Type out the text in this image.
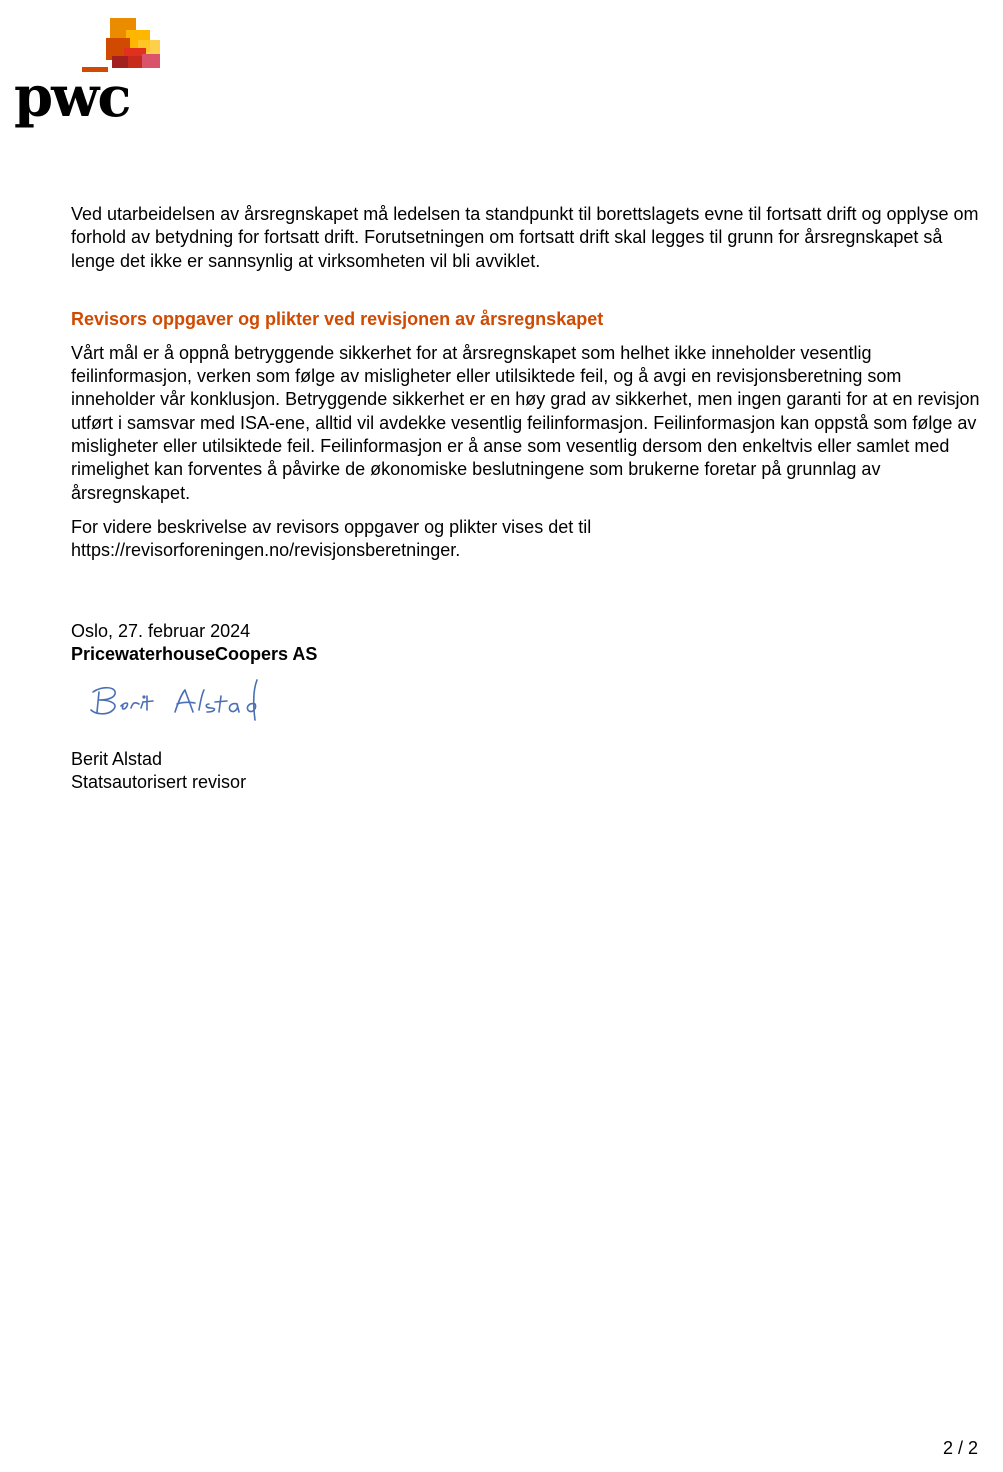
pwc

Ved utarbeidelsen av årsregnskapet må ledelsen ta standpunkt til borettslagets evne til fortsatt drift og opplyse om forhold av betydning for fortsatt drift. Forutsetningen om fortsatt drift skal legges til grunn for årsregnskapet så lenge det ikke er sannsynlig at virksomheten vil bli avviklet.

Revisors oppgaver og plikter ved revisjonen av årsregnskapet

Vårt mål er å oppnå betryggende sikkerhet for at årsregnskapet som helhet ikke inneholder vesentlig feilinformasjon, verken som følge av misligheter eller utilsiktede feil, og å avgi en revisjonsberetning som inneholder vår konklusjon. Betryggende sikkerhet er en høy grad av sikkerhet, men ingen garanti for at en revisjon utført i samsvar med ISA-ene, alltid vil avdekke vesentlig feilinformasjon. Feilinformasjon kan oppstå som følge av misligheter eller utilsiktede feil. Feilinformasjon er å anse som vesentlig dersom den enkeltvis eller samlet med rimelighet kan forventes å påvirke de økonomiske beslutningene som brukerne foretar på grunnlag av årsregnskapet.

For videre beskrivelse av revisors oppgaver og plikter vises det til
https://revisorforeningen.no/revisjonsberetninger.

Oslo, 27. februar 2024

PricewaterhouseCoopers AS

Berit Alstad

Statsautorisert revisor

2 / 2
